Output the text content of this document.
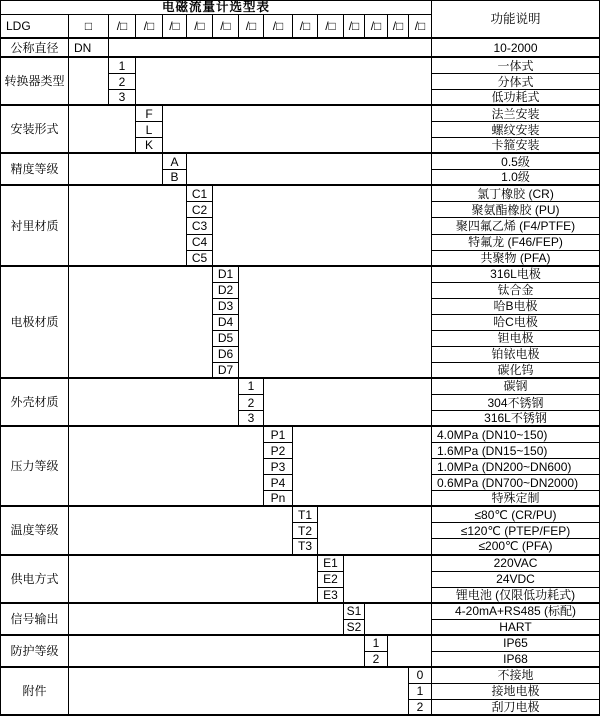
电磁流量计选型表
功能说明
LDG	□	/□	/□	/□	/□	/□	/□	/□	/□	/□	/□ /□ /□ /□
公称直径	DN	10-2000
转换器类型
1	一体式
2	分体式
3	低功耗式
安装形式
F	法兰安装
L	螺纹安装
K	卡箍安装
精度等级
A	0.5级
B	1.0级
衬里材质
C1	氯丁橡胶 (CR)
C2	聚氨酯橡胶 (PU)
C3	聚四氟乙烯 (F4/PTFE)
C4	特氟龙 (F46/FEP)
C5	共聚物 (PFA)
电极材质
D1	316L电极
D2	钛合金
D3	哈B电极
D4	哈C电极
D5	钽电极
D6	铂铱电极
D7	碳化钨
外壳材质
1	碳钢
2	304不锈钢
3	316L不锈钢
压力等级
P1	4.0MPa (DN10~150)
P2	1.6MPa (DN15~150)
P3	1.0MPa (DN200~DN600)
P4	0.6MPa (DN700~DN2000)
Pn	特殊定制
温度等级
T1	≤80℃ (CR/PU)
T2	≤120℃ (PTEP/FEP)
T3	≤200℃ (PFA)
供电方式
E1	220VAC
E2	24VDC
E3	锂电池 (仅限低功耗式)
信号输出
S1	4-20mA+RS485 (标配)
S2	HART
防护等级
1	IP65
2	IP68
附件
0	不接地
1	接地电极
2	刮刀电极
